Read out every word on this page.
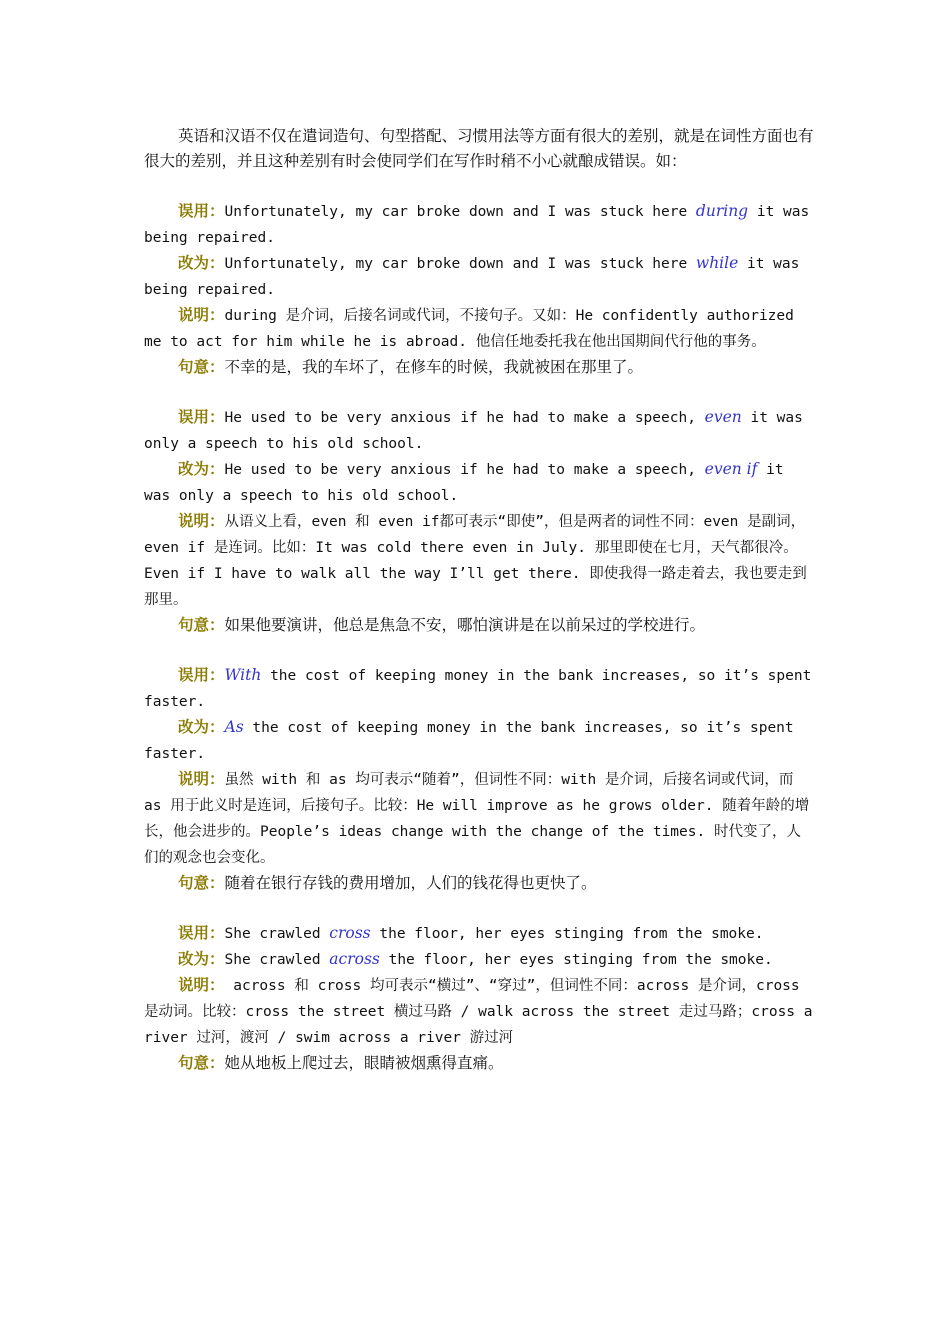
英语和汉语不仅在遣词造句、句型搭配、习惯用法等方面有很大的差别，就是在词性方面也有很大的差别，并且这种差别有时会使同学们在写作时稍不小心就酿成错误。如：

误用：Unfortunately, my car broke down and I was stuck here during it was being repaired.

改为：Unfortunately, my car broke down and I was stuck here while it was being repaired.

说明：during 是介词，后接名词或代词，不接句子。又如：He confidently authorized me to act for him while he is abroad. 他信任地委托我在他出国期间代行他的事务。

句意：不幸的是，我的车坏了，在修车的时候，我就被困在那里了。

误用：He used to be very anxious if he had to make a speech, even it was only a speech to his old school.

改为：He used to be very anxious if he had to make a speech, even if it was only a speech to his old school.

说明：从语义上看，even 和 even if都可表示“即使”，但是两者的词性不同：even 是副词，even if 是连词。比如：It was cold there even in July. 那里即使在七月，天气都很冷。Even if I have to walk all the way I’ll get there. 即使我得一路走着去，我也要走到那里。

句意：如果他要演讲，他总是焦急不安，哪怕演讲是在以前呆过的学校进行。

误用：With the cost of keeping money in the bank increases, so it’s spent faster.

改为：As the cost of keeping money in the bank increases, so it’s spent faster.

说明：虽然 with 和 as 均可表示“随着”，但词性不同：with 是介词，后接名词或代词，而 as 用于此义时是连词，后接句子。比较：He will improve as he grows older. 随着年龄的增长，他会进步的。People’s ideas change with the change of the times. 时代变了，人们的观念也会变化。

句意：随着在银行存钱的费用增加，人们的钱花得也更快了。

误用：She crawled cross the floor, her eyes stinging from the smoke.

改为：She crawled across the floor, her eyes stinging from the smoke.

说明： across 和 cross 均可表示“横过”、“穿过”，但词性不同：across 是介词，cross 是动词。比较：cross the street 横过马路 / walk across the street 走过马路；cross a river 过河，渡河 / swim across a river 游过河

句意：她从地板上爬过去，眼睛被烟熏得直痛。
